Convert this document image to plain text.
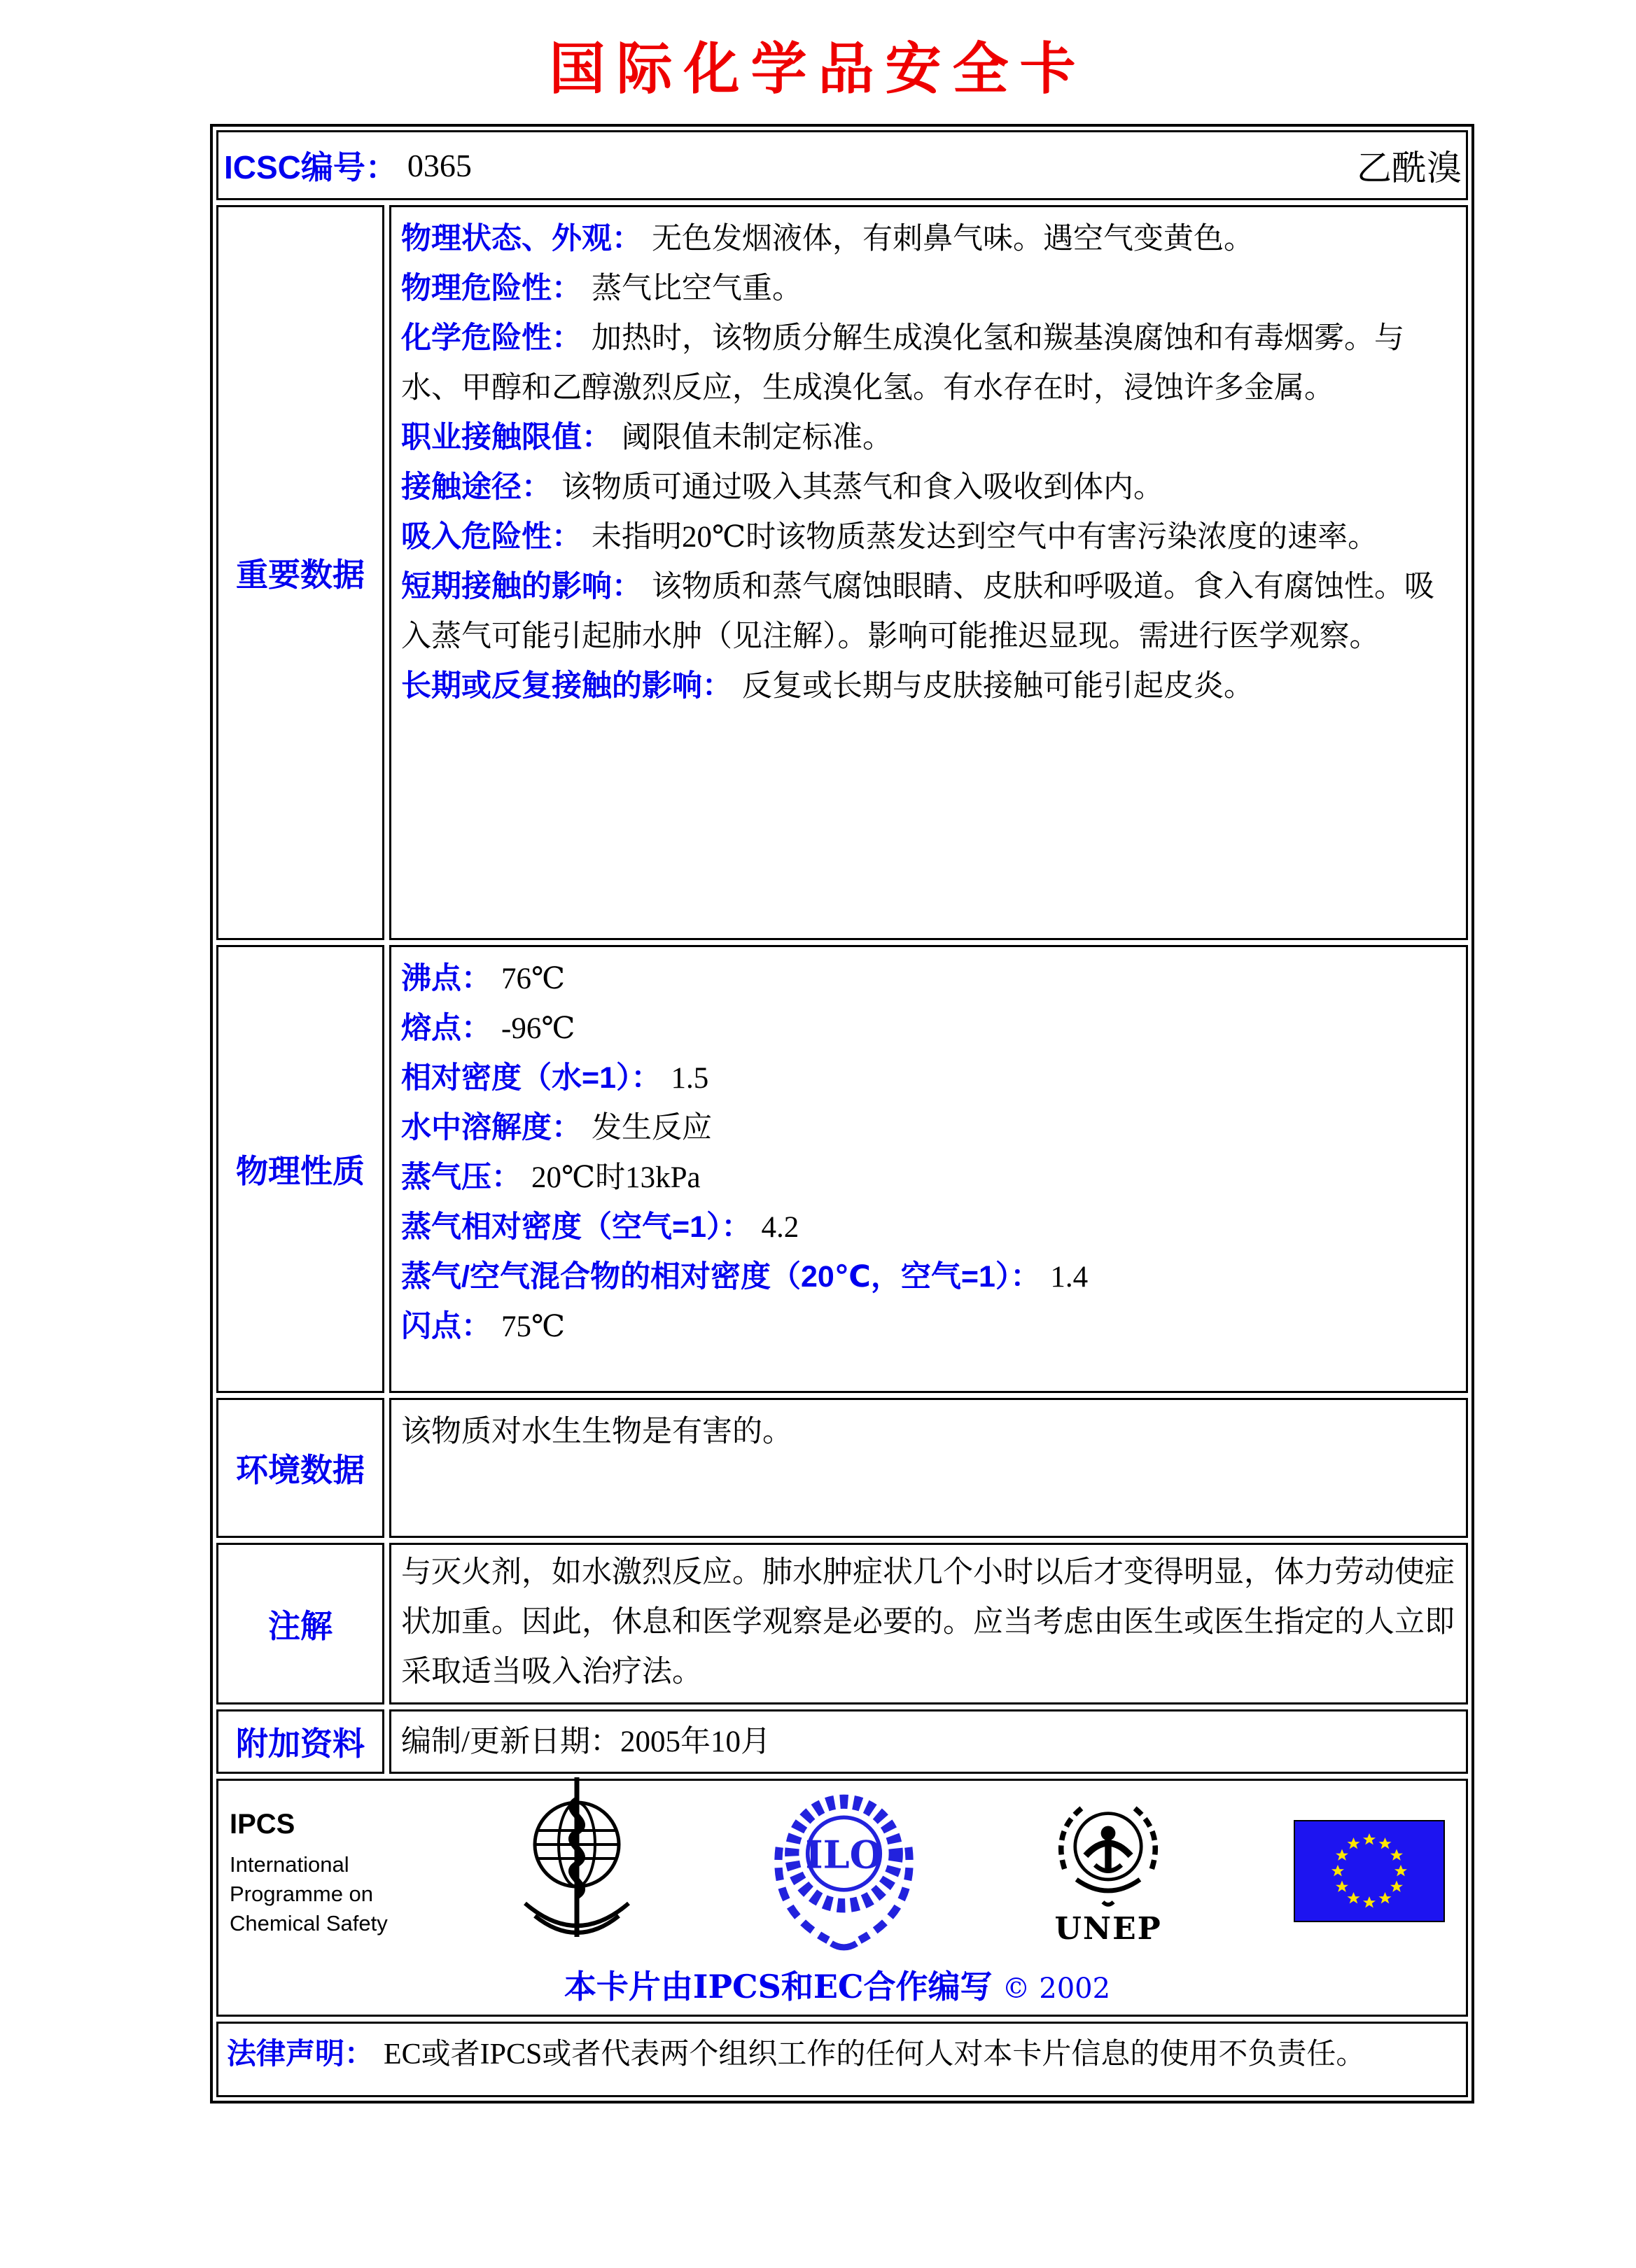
国际化学品安全卡
ICSC编号： 0365	乙酰溴
重要数据

物理状态、外观： 无色发烟液体，有刺鼻气味。遇空气变黄色。

物理危险性： 蒸气比空气重。

化学危险性： 加热时，该物质分解生成溴化氢和羰基溴腐蚀和有毒烟雾。与水、甲醇和乙醇激烈反应，生成溴化氢。有水存在时，浸蚀许多金属。

职业接触限值： 阈限值未制定标准。

接触途径： 该物质可通过吸入其蒸气和食入吸收到体内。

吸入危险性： 未指明20℃时该物质蒸发达到空气中有害污染浓度的速率。

短期接触的影响： 该物质和蒸气腐蚀眼睛、皮肤和呼吸道。食入有腐蚀性。吸入蒸气可能引起肺水肿（见注解）。影响可能推迟显现。需进行医学观察。

长期或反复接触的影响： 反复或长期与皮肤接触可能引起皮炎。

物理性质

沸点： 76℃

熔点： -96℃

相对密度（水=1）： 1.5

水中溶解度： 发生反应

蒸气压： 20℃时13kPa

蒸气相对密度（空气=1）： 4.2

蒸气/空气混合物的相对密度（20℃，空气=1）： 1.4

闪点： 75℃

环境数据

该物质对水生生物是有害的。

注解

与灭火剂，如水激烈反应。肺水肿症状几个小时以后才变得明显，体力劳动使症状加重。因此，休息和医学观察是必要的。应当考虑由医生或医生指定的人立即采取适当吸入治疗法。

附加资料	编制/更新日期：2005年10月

IPCS
International
Programme on
Chemical Safety
ILO
UNEP
本卡片由IPCS和EC合作编写 © 2002
法律声明： EC或者IPCS或者代表两个组织工作的任何人对本卡片信息的使用不负责任。
